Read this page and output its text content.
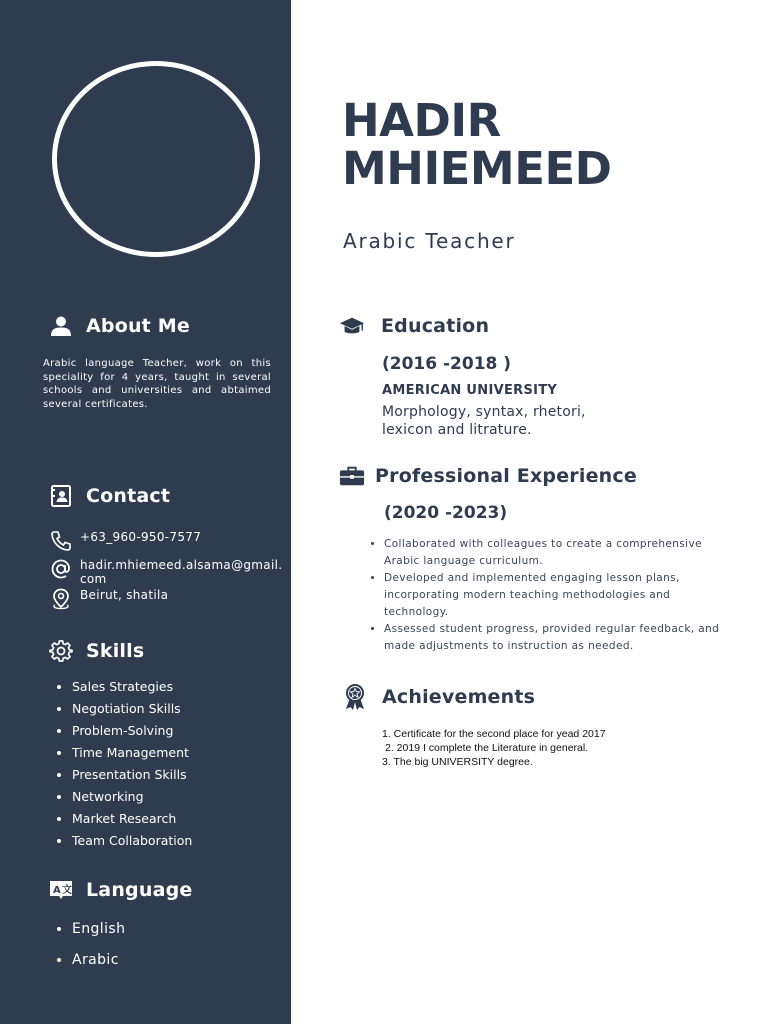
About Me
Arabic language Teacher, work on this speciality for 4 years, taught in several schools and universities and abtaimed several certificates.
Contact
+63_960-950-7577
hadir.mhiemeed.alsama@gmail.com
Beirut, shatila
Skills
• Sales Strategies
• Negotiation Skills
• Problem-Solving
• Time Management
• Presentation Skills
• Networking
• Market Research
• Team Collaboration
A 文 Language
• English
• Arabic
HADIR
MHIEMEED
Arabic Teacher
Education
(2016 -2018 )
AMERICAN UNIVERSITY
Morphology, syntax, rhetori, lexicon and litrature.
Professional Experience
(2020 -2023)
• Collaborated with colleagues to create a comprehensive Arabic language curriculum.
• Developed and implemented engaging lesson plans, incorporating modern teaching methodologies and technology.
• Assessed student progress, provided regular feedback, and made adjustments to instruction as needed.
Achievements
1. Certificate for the second place for yead 2017
2. 2019 I complete the Literature in general.
3. The big UNIVERSITY degree.
